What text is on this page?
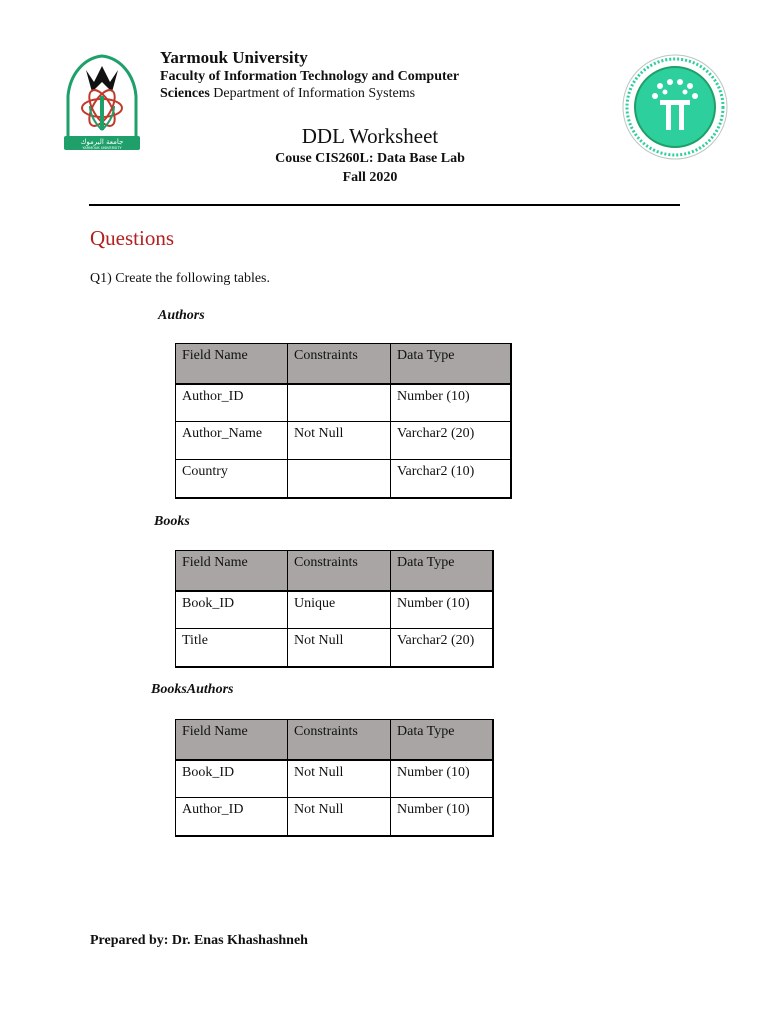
جامعة اليرموك
YARMOUK UNIVERSITY
Yarmouk University
Faculty of Information Technology and Computer
Sciences Department of Information Systems
DDL Worksheet
Couse CIS260L: Data Base Lab
Fall 2020
Questions
Q1) Create the following tables.
Authors
Field Name	Constraints	Data Type
Author_ID		Number (10)
Author_Name	Not Null	Varchar2 (20)
Country		Varchar2 (10)
Books
Field Name	Constraints	Data Type
Book_ID	Unique	Number (10)
Title	Not Null	Varchar2 (20)
BooksAuthors
Field Name	Constraints	Data Type
Book_ID	Not Null	Number (10)
Author_ID	Not Null	Number (10)
Prepared by: Dr. Enas Khashashneh
